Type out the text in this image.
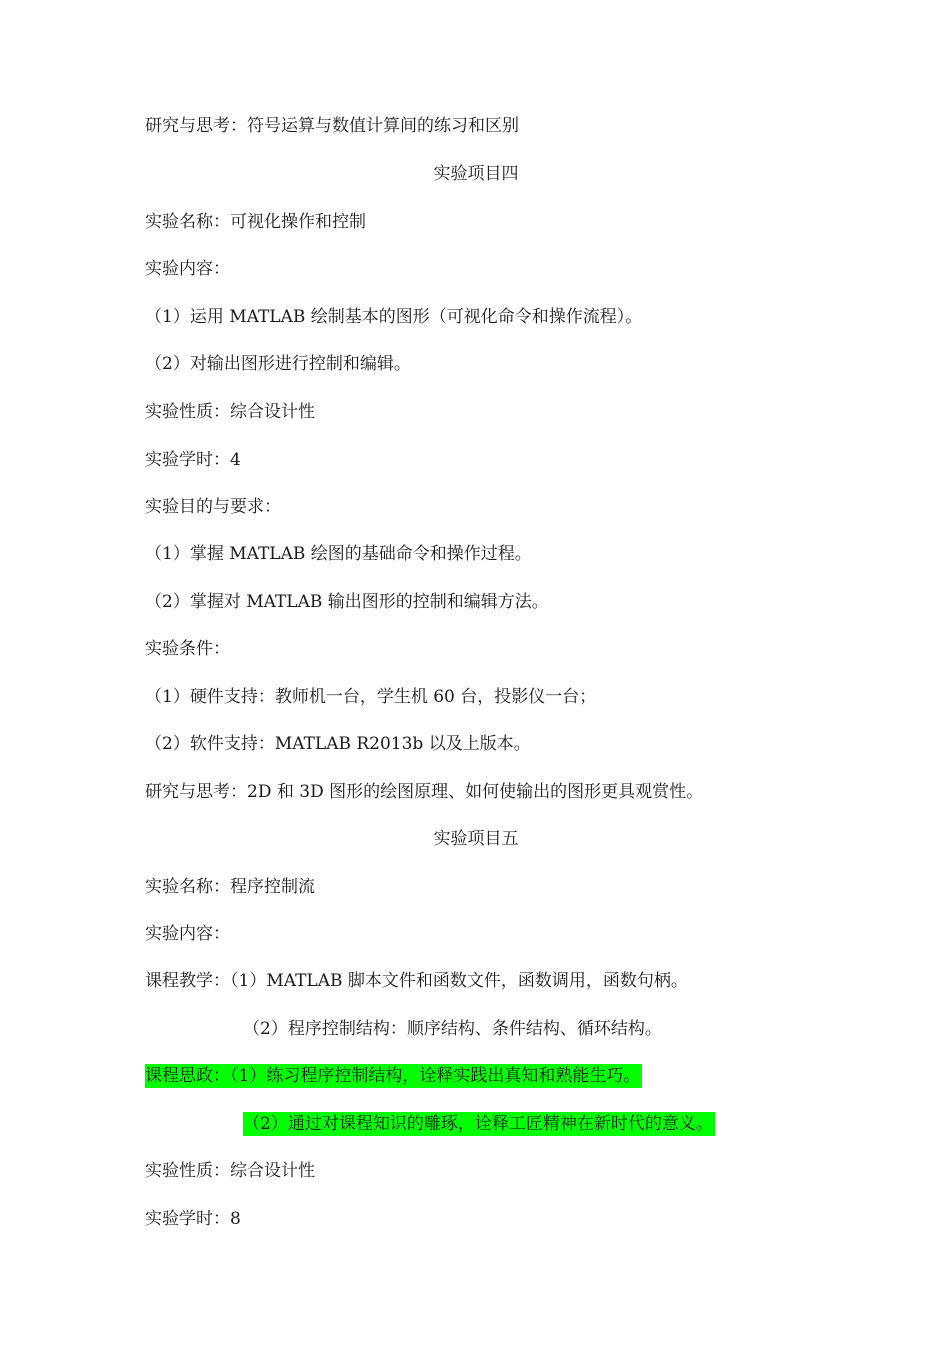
研究与思考：符号运算与数值计算间的练习和区别
实验项目四
实验名称：可视化操作和控制
实验内容：
（1）运用 MATLAB 绘制基本的图形（可视化命令和操作流程）。
（2）对输出图形进行控制和编辑。
实验性质：综合设计性
实验学时：4
实验目的与要求：
（1）掌握 MATLAB 绘图的基础命令和操作过程。
（2）掌握对 MATLAB 输出图形的控制和编辑方法。
实验条件：
（1）硬件支持：教师机一台，学生机 60 台，投影仪一台；
（2）软件支持：MATLAB R2013b 以及上版本。
研究与思考：2D 和 3D 图形的绘图原理、如何使输出的图形更具观赏性。
实验项目五
实验名称：程序控制流
实验内容：
课程教学：（1）MATLAB 脚本文件和函数文件，函数调用，函数句柄。
（2）程序控制结构：顺序结构、条件结构、循环结构。
课程思政：（1）练习程序控制结构，诠释实践出真知和熟能生巧。
（2）通过对课程知识的雕琢，诠释工匠精神在新时代的意义。
实验性质：综合设计性
实验学时：8
